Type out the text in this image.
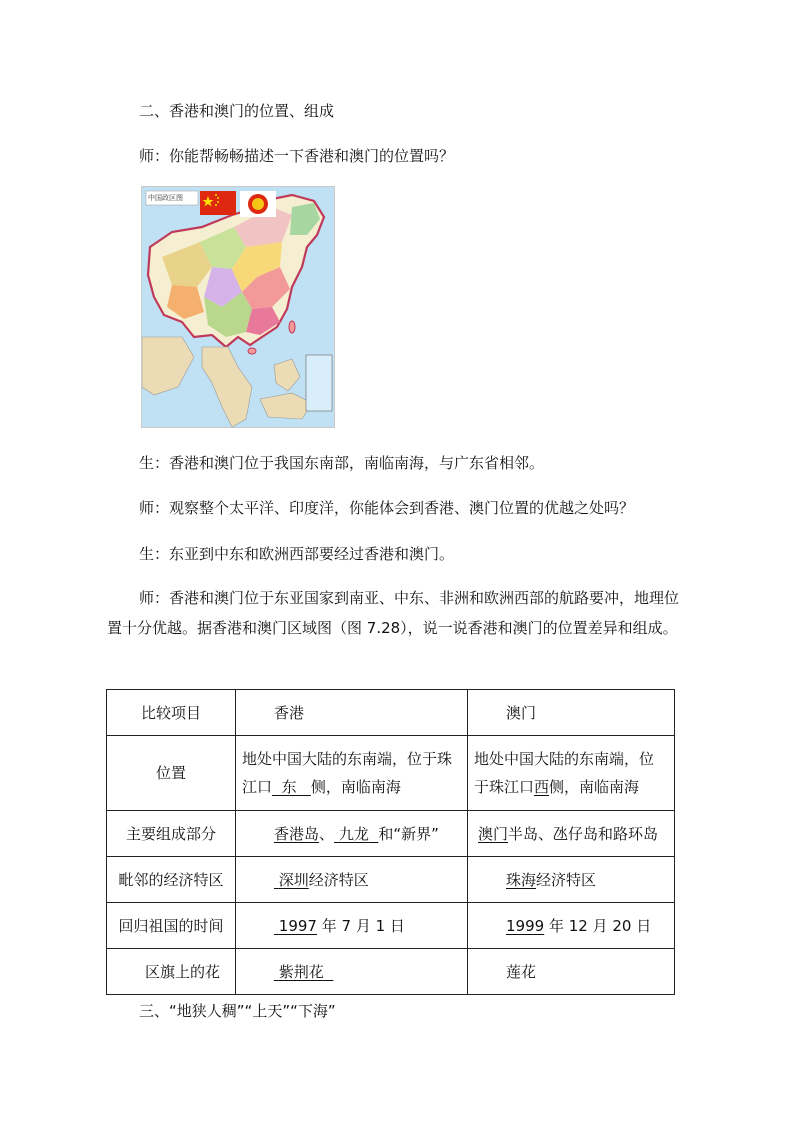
二、香港和澳门的位置、组成
师：你能帮畅畅描述一下香港和澳门的位置吗？
中国政区图
生：香港和澳门位于我国东南部，南临南海，与广东省相邻。
师：观察整个太平洋、印度洋，你能体会到香港、澳门位置的优越之处吗？
生：东亚到中东和欧洲西部要经过香港和澳门。
师：香港和澳门位于东亚国家到南亚、中东、非洲和欧洲西部的航路要冲，地理位置十分优越。据香港和澳门区域图（图 7.28），说一说香港和澳门的位置差异和组成。
比较项目	香港	澳门
位置	地处中国大陆的东南端，位于珠江口 东 侧，南临南海	地处中国大陆的东南端，位于珠江口西侧，南临南海
主要组成部分	香港岛、 九龙 和“新界”	澳门半岛、氹仔岛和路环岛
毗邻的经济特区	深圳经济特区	珠海经济特区
回归祖国的时间	1997 年 7 月 1 日	1999 年 12 月 20 日
区旗上的花	紫荆花	莲花
三、“地狭人稠”“上天”“下海”
